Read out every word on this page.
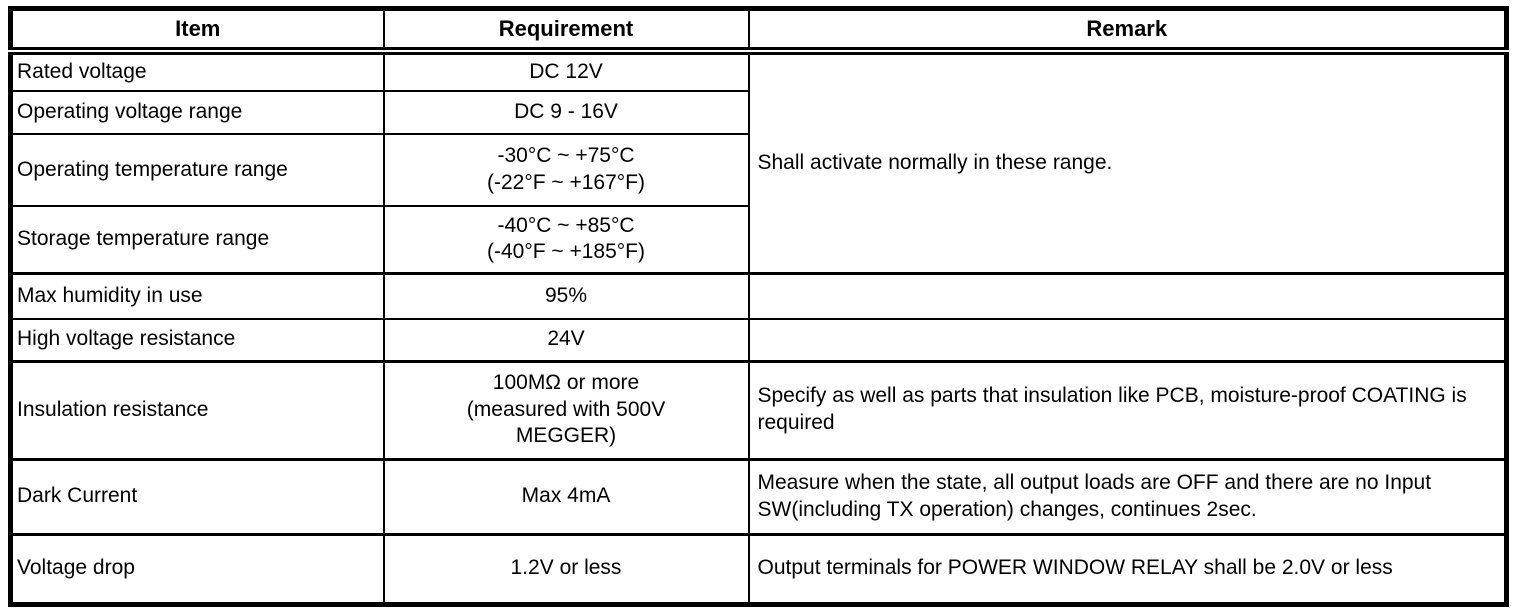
Item	Requirement	Remark
Rated voltage	DC 12V	Shall activate normally in these range.
Operating voltage range	DC 9 - 16V	
Operating temperature range	-30°C ~ +75°C
(-22°F ~ +167°F)	

Storage temperature range	-40°C ~ +85°C
(-40°F ~ +185°F)	

Max humidity in use	95%	
High voltage resistance	24V	
Insulation resistance	100MΩ or more
(measured with 500V
MEGGER)	Specify as well as parts that insulation like PCB, moisture-proof COATING is required
Dark Current	Max 4mA	Measure when the state, all output loads are OFF and there are no Input SW(including TX operation) changes, continues 2sec.
Voltage drop	1.2V or less	Output terminals for POWER WINDOW RELAY shall be 2.0V or less
